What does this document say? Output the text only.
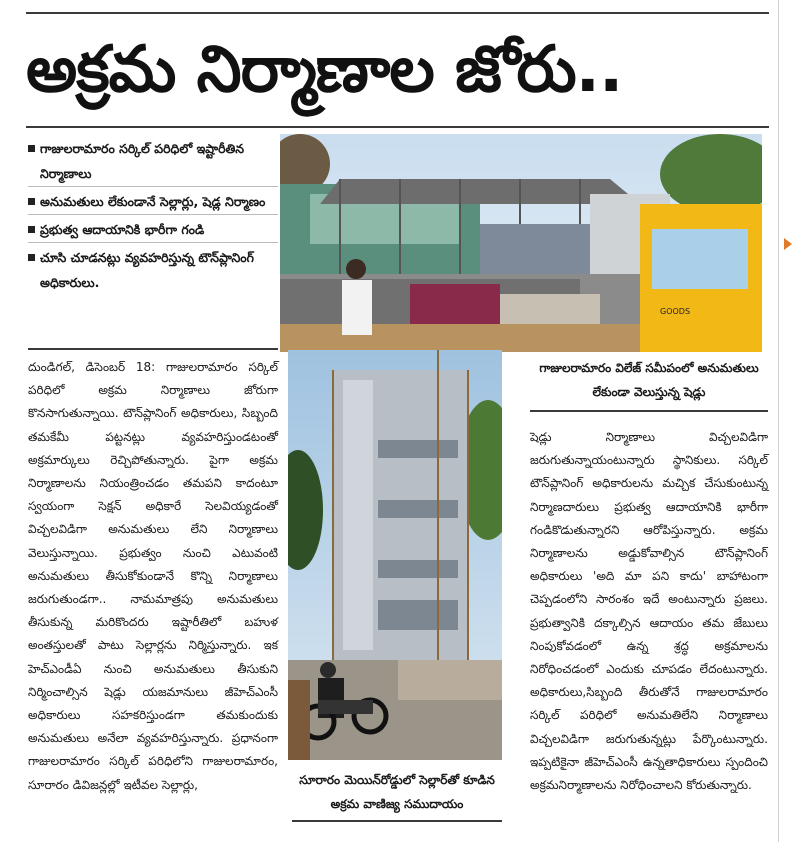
అక్రమ నిర్మాణాల జోరు..
గాజులరామారం సర్కిల్ పరిధిలో ఇష్టారీతిన నిర్మాణాలు
అనుమతులు లేకుండానే సెల్లార్లు, షెడ్ల నిర్మాణం
ప్రభుత్వ ఆదాయానికి భారీగా గండి
చూసి చూడనట్లు వ్యవహరిస్తున్న టౌన్‌ప్లానింగ్ అధికారులు.

దుండిగల్, డిసెంబర్ 18: గాజులరామారం సర్కిల్ పరిధిలో అక్రమ నిర్మాణాలు జోరుగా కొనసాగుతున్నాయి. టౌన్‌ప్లానింగ్ అధికారులు, సిబ్బంది తమకేమీ పట్టనట్లు వ్యవహరిస్తుండటంతో అక్రమార్కులు రెచ్చిపోతున్నారు. పైగా అక్రమ నిర్మాణాలను నియంత్రించడం తమపని కాదంటూ స్వయంగా సెక్షన్ అధికారే సెలవియ్యడంతో విచ్చలవిడిగా అనుమతులు లేని నిర్మాణాలు వెలుస్తున్నాయి. ప్రభుత్వం నుంచి ఎటువంటి అనుమతులు తీసుకోకుండానే కొన్ని నిర్మాణాలు జరుగుతుండగా.. నామమాత్రపు అనుమతులు తీసుకున్న మరికొందరు ఇష్టారీతిలో బహుళ అంతస్తులతో పాటు సెల్లార్లను నిర్మిస్తున్నారు. ఇక హెచ్ఎండీఏ నుంచి అనుమతులు తీసుకుని నిర్మించాల్సిన షెడ్లు యజమానులు జీహెచ్ఎంసీ అధికారులు సహకరిస్తుండగా తమకుందుకు అనుమతులు అనేలా వ్యవహరిస్తున్నారు. ప్రధానంగా గాజులరామారం సర్కిల్ పరిధిలోని గాజులరామారం, సూరారం డివిజన్లల్లో ఇటీవల సెల్లార్లు,

GOODS
గాజులరామారం విలేజ్ సమీపంలో అనుమతులు లేకుండా వెలుస్తున్న షెడ్లు

షెడ్లు నిర్మాణాలు విచ్చలవిడిగా జరుగుతున్నాయంటున్నారు స్థానికులు. సర్కిల్ టౌన్‌ప్లానింగ్ అధికారులను మచ్చిక చేసుకుంటున్న నిర్మాణదారులు ప్రభుత్వ ఆదాయానికి భారీగా గండికొడుతున్నారని ఆరోపిస్తున్నారు. అక్రమ నిర్మాణాలను అడ్డుకోవాల్సిన టౌన్‌ప్లానింగ్ అధికారులు 'అది మా పని కాదు' బాహాటంగా చెప్పడంలోని సారంశం ఇదే అంటున్నారు ప్రజలు. ప్రభుత్వానికి దక్కాల్సిన ఆదాయం తమ జేబులు నింపుకోవడంలో ఉన్న శ్రద్ధ అక్రమాలను నిరోధించడంలో ఎందుకు చూపడం లేదంటున్నారు. అధికారులు,సిబ్బంది తీరుతోనే గాజులరామారం సర్కిల్ పరిధిలో అనుమతిలేని నిర్మాణాలు విచ్చలవిడిగా జరుగుతున్నట్లు పేర్కొంటున్నారు. ఇప్పటికైనా జీహెచ్ఎంసీ ఉన్నతాధికారులు స్పందించి అక్రమనిర్మాణాలను నిరోధించాలని కోరుతున్నారు.

సూరారం మెయిన్‌రోడ్డులో సెల్లార్‌తో కూడిన అక్రమ వాణిజ్య సముదాయం
